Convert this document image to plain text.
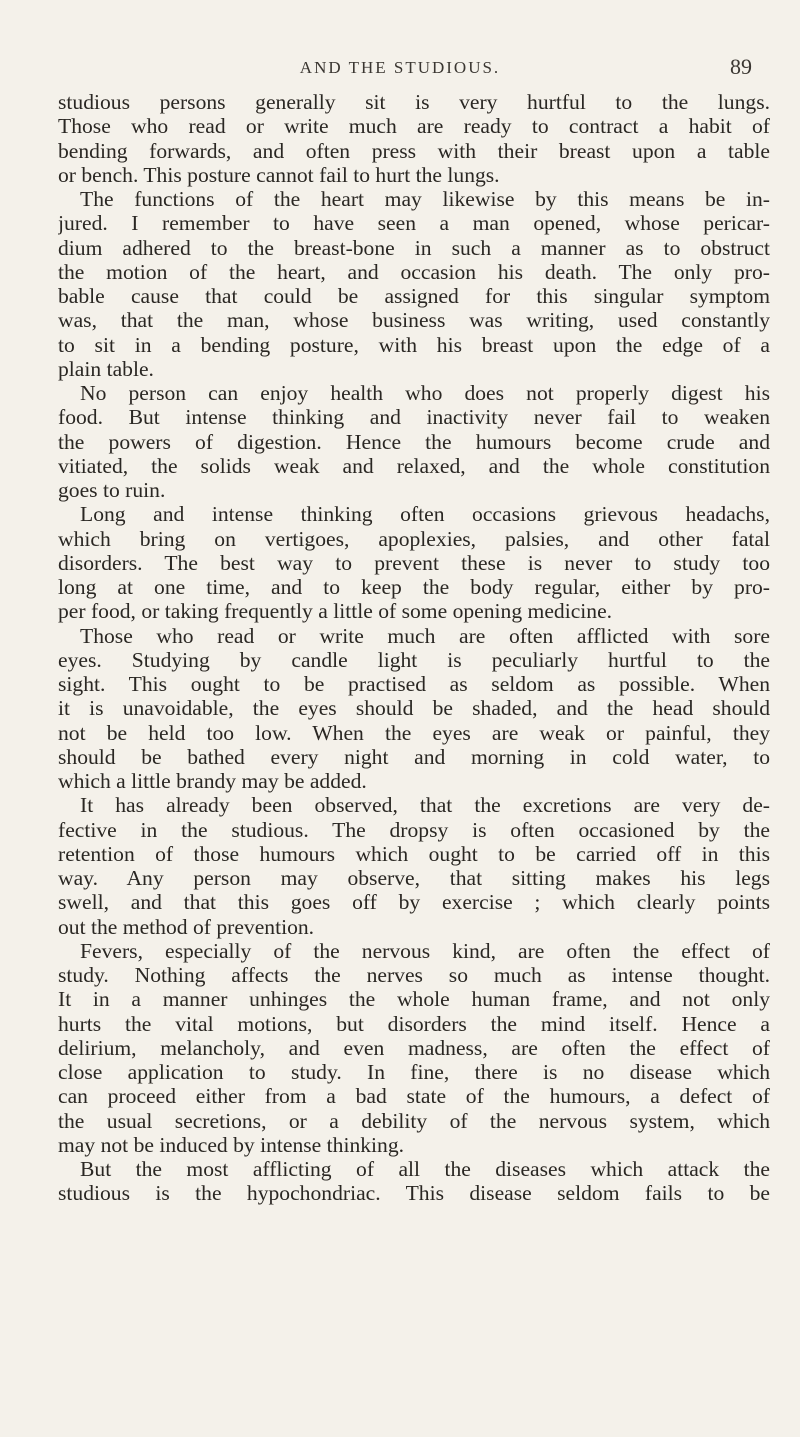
AND THE STUDIOUS.	89
studious persons generally sit is very hurtful to the lungs.
Those who read or write much are ready to contract a habit of
bending forwards, and often press with their breast upon a table
or bench. This posture cannot fail to hurt the lungs.
The functions of the heart may likewise by this means be in-
jured. I remember to have seen a man opened, whose pericar-
dium adhered to the breast-bone in such a manner as to obstruct
the motion of the heart, and occasion his death. The only pro-
bable cause that could be assigned for this singular symptom
was, that the man, whose business was writing, used constantly
to sit in a bending posture, with his breast upon the edge of a
plain table.
No person can enjoy health who does not properly digest his
food. But intense thinking and inactivity never fail to weaken
the powers of digestion. Hence the humours become crude and
vitiated, the solids weak and relaxed, and the whole constitution
goes to ruin.
Long and intense thinking often occasions grievous headachs,
which bring on vertigoes, apoplexies, palsies, and other fatal
disorders. The best way to prevent these is never to study too
long at one time, and to keep the body regular, either by pro-
per food, or taking frequently a little of some opening medicine.
Those who read or write much are often afflicted with sore
eyes. Studying by candle light is peculiarly hurtful to the
sight. This ought to be practised as seldom as possible. When
it is unavoidable, the eyes should be shaded, and the head should
not be held too low. When the eyes are weak or painful, they
should be bathed every night and morning in cold water, to
which a little brandy may be added.
It has already been observed, that the excretions are very de-
fective in the studious. The dropsy is often occasioned by the
retention of those humours which ought to be carried off in this
way. Any person may observe, that sitting makes his legs
swell, and that this goes off by exercise ; which clearly points
out the method of prevention.
Fevers, especially of the nervous kind, are often the effect of
study. Nothing affects the nerves so much as intense thought.
It in a manner unhinges the whole human frame, and not only
hurts the vital motions, but disorders the mind itself. Hence a
delirium, melancholy, and even madness, are often the effect of
close application to study. In fine, there is no disease which
can proceed either from a bad state of the humours, a defect of
the usual secretions, or a debility of the nervous system, which
may not be induced by intense thinking.
But the most afflicting of all the diseases which attack the
studious is the hypochondriac. This disease seldom fails to be
